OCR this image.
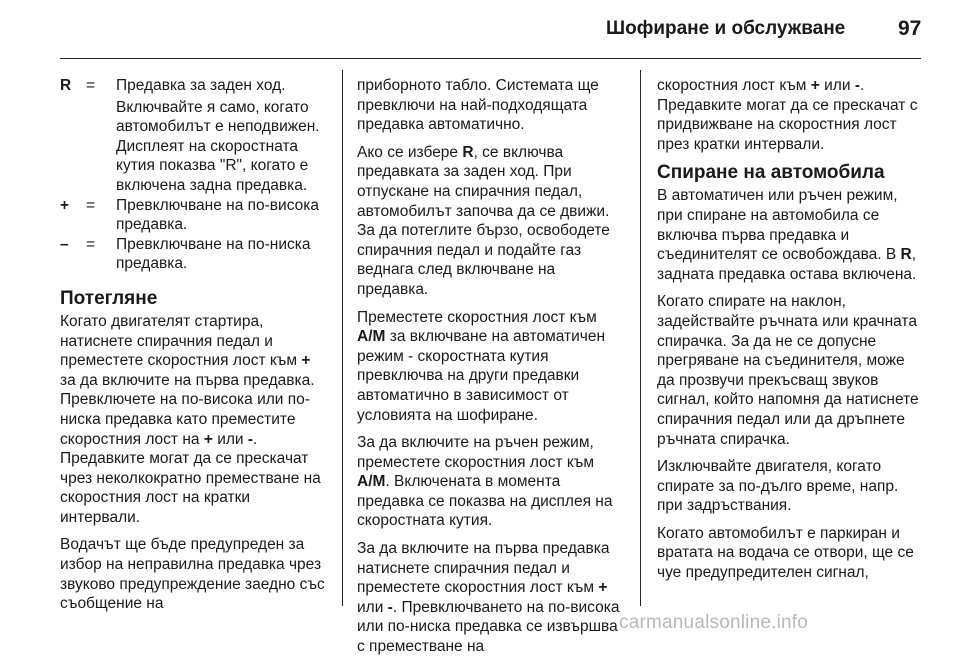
Шофиране и обслужване	97
R =	Предавка за заден ход.
Включвайте я само, когато автомобилът е неподвижен. Дисплеят на скоростната кутия показва "R", когато е включена задна предавка.
+	=	Превключване на по-висока предавка.
–	=	Превключване на по-ниска предавка.
Потегляне

Когато двигателят стартира, натиснете спирачния педал и преместете скоростния лост към + за да включите на първа предавка. Превключете на по-висока или по-ниска предавка като преместите скоростния лост на + или -. Предавките могат да се прескачат чрез неколкократно преместване на скоростния лост на кратки интервали.

Водачът ще бъде предупреден за избор на неправилна предавка чрез звуково предупреждение заедно със съобщение на

приборното табло. Системата ще превключи на най-подходящата предавка автоматично.

Ако се избере R, се включва предавката за заден ход. При отпускане на спирачния педал, автомобилът започва да се движи. За да потеглите бързо, освободете спирачния педал и подайте газ веднага след включване на предавка.

Преместете скоростния лост към A/M за включване на автоматичен режим - скоростната кутия превключва на други предавки автоматично в зависимост от условията на шофиране.

За да включите на ръчен режим, преместете скоростния лост към A/M. Включената в момента предавка се показва на дисплея на скоростната кутия.

За да включите на първа предавка натиснете спирачния педал и преместете скоростния лост към + или -. Превключването на по-висока или по-ниска предавка се извършва с преместване на

скоростния лост към + или -. Предавките могат да се прескачат с придвижване на скоростния лост през кратки интервали.

Спиране на автомобила

В автоматичен или ръчен режим, при спиране на автомобила се включва първа предавка и съединителят се освобождава. В R, задната предавка остава включена.

Когато спирате на наклон, задействайте ръчната или крачната спирачка. За да не се допусне прегряване на съединителя, може да прозвучи прекъсващ звуков сигнал, който напомня да натиснете спирачния педал или да дръпнете ръчната спирачка.

Изключвайте двигателя, когато спирате за по-дълго време, напр. при задръствания.

Когато автомобилът е паркиран и вратата на водача се отвори, ще се чуе предупредителен сигнал,

carmanualsonline.info
